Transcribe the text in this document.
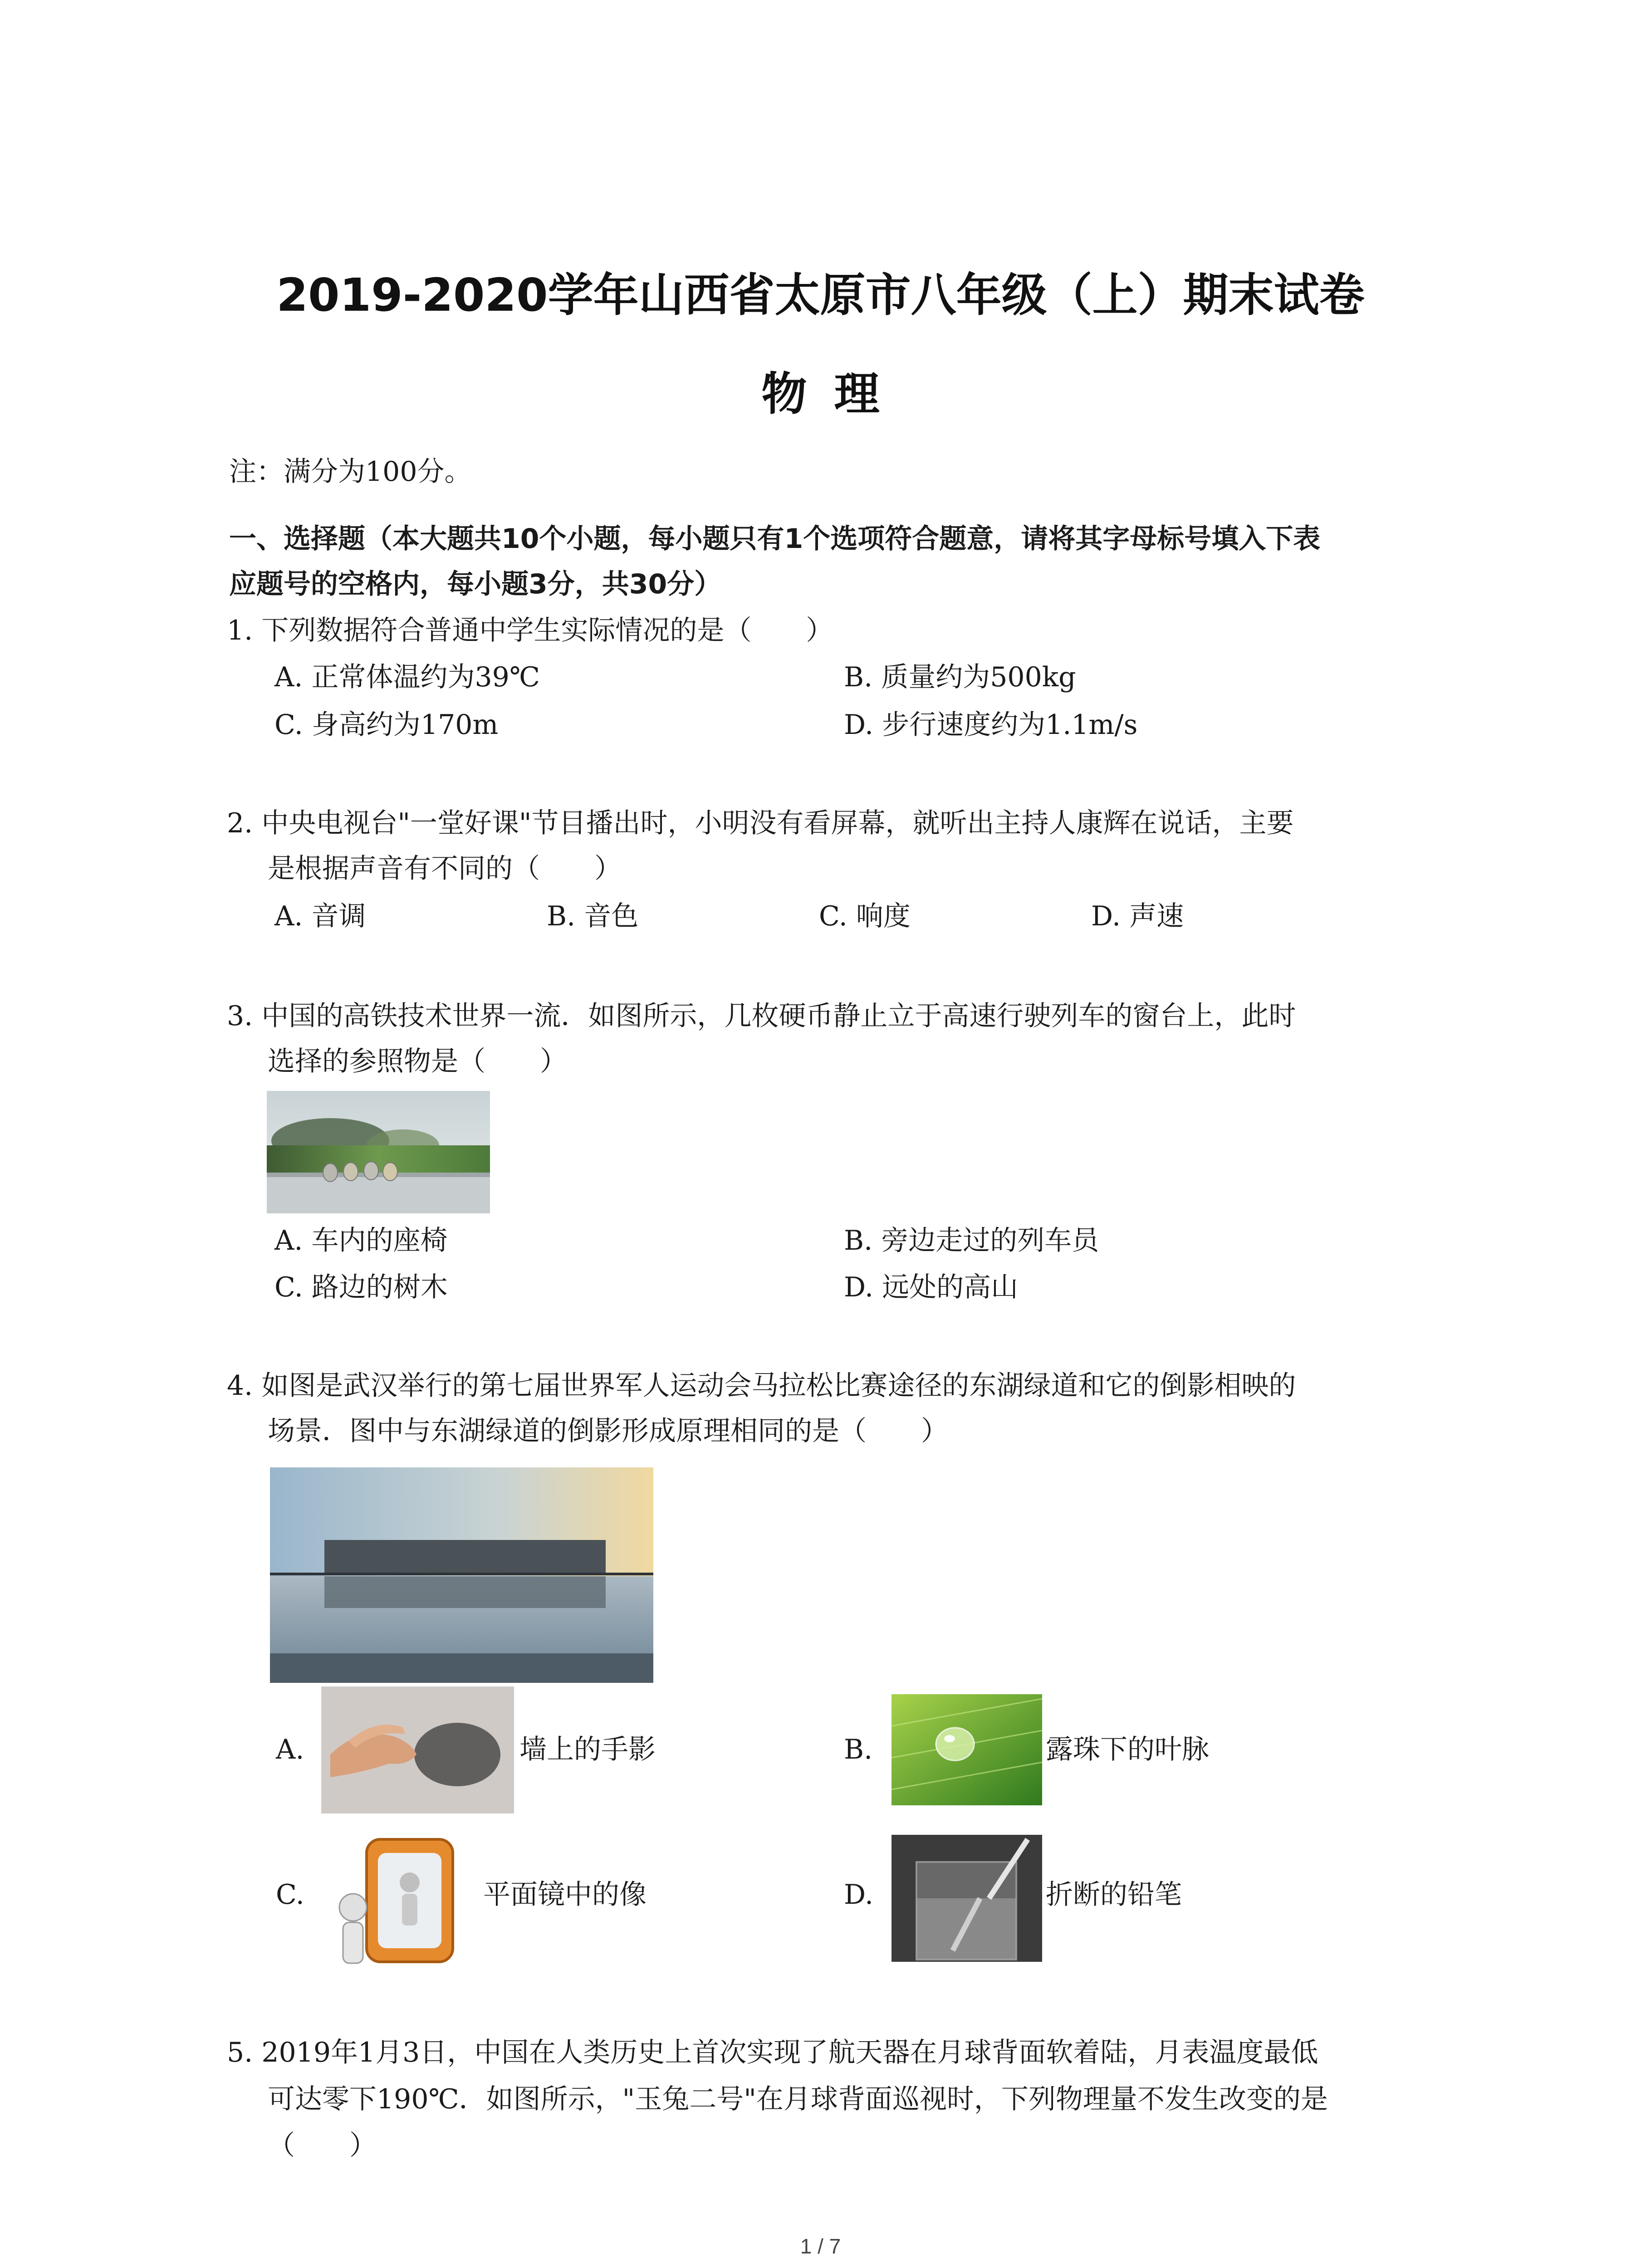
2019-2020学年山西省太原市八年级（上）期末试卷
物理
注：满分为100分。
一、选择题（本大题共10个小题，每小题只有1个选项符合题意，请将其字母标号填入下表
应题号的空格内，每小题3分，共30分）
1. 下列数据符合普通中学生实际情况的是（　　）
A. 正常体温约为39℃	B. 质量约为500kg
C. 身高约为170m	D. 步行速度约为1.1m/s
2. 中央电视台"一堂好课"节目播出时，小明没有看屏幕，就听出主持人康辉在说话，主要
是根据声音有不同的（　　）
A. 音调	B. 音色	C. 响度	D. 声速
3. 中国的高铁技术世界一流．如图所示，几枚硬币静止立于高速行驶列车的窗台上，此时
选择的参照物是（　　）
A. 车内的座椅	B. 旁边走过的列车员
C. 路边的树木	D. 远处的高山
4. 如图是武汉举行的第七届世界军人运动会马拉松比赛途径的东湖绿道和它的倒影相映的
场景．图中与东湖绿道的倒影形成原理相同的是（　　）
A.	墙上的手影	B.	露珠下的叶脉
C.	平面镜中的像	D.	折断的铅笔
5. 2019年1月3日，中国在人类历史上首次实现了航天器在月球背面软着陆，月表温度最低
可达零下190℃．如图所示，"玉兔二号"在月球背面巡视时，下列物理量不发生改变的是
（　　）
1 / 7
